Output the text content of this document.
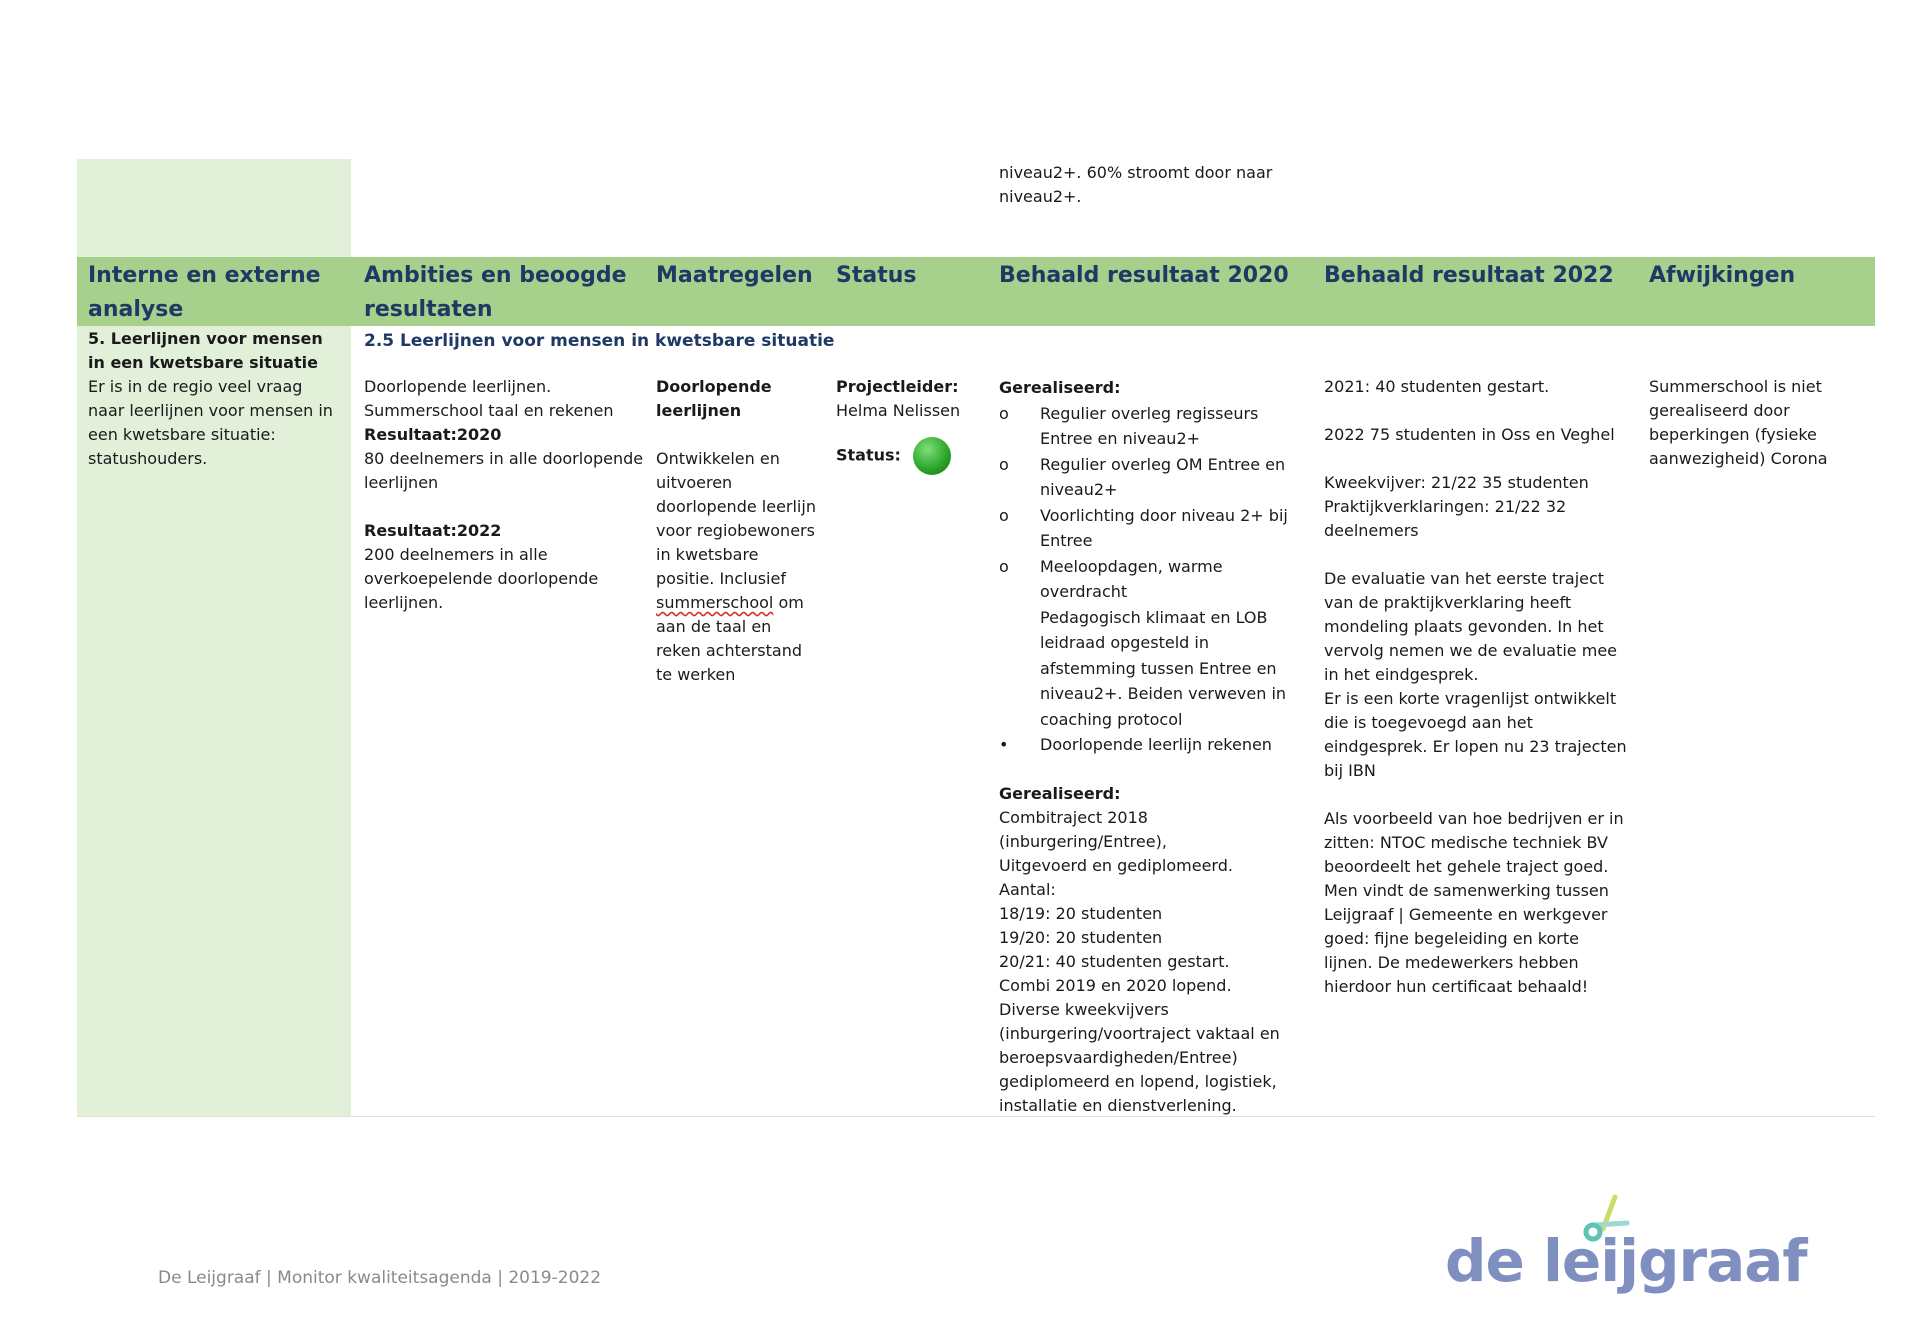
niveau2+. 60% stroomt door naar niveau2+.
Interne en externe analyse
Ambities en beoogde resultaten
Maatregelen Status	Behaald resultaat 2020 Behaald resultaat 2022 Afwijkingen
5. Leerlijnen voor mensen in een kwetsbare situatie
Er is in de regio veel vraag naar leerlijnen voor mensen in een kwetsbare situatie: statushouders.
2.5 Leerlijnen voor mensen in kwetsbare situatie
Doorlopende leerlijnen. Summerschool taal en rekenen
Resultaat:2020
80 deelnemers in alle doorlopende leerlijnen
Resultaat:2022
200 deelnemers in alle overkoepelende doorlopende leerlijnen.
Doorlopende leerlijnen
Ontwikkelen en uitvoeren doorlopende leerlijn voor regiobewoners in kwetsbare positie. Inclusief summerschool om aan de taal en reken achterstand te werken
Projectleider:
Helma Nelissen
Status:
Gerealiseerd:
o Regulier overleg regisseurs Entree en niveau2+
o Regulier overleg OM Entree en niveau2+
o Voorlichting door niveau 2+ bij Entree
o Meeloopdagen, warme overdracht
Pedagogisch klimaat en LOB leidraad opgesteld in afstemming tussen Entree en niveau2+. Beiden verweven in coaching protocol
• Doorlopende leerlijn rekenen
Gerealiseerd:
Combitraject 2018
(inburgering/Entree),
Uitgevoerd en gediplomeerd.
Aantal:
18/19: 20 studenten
19/20: 20 studenten
20/21: 40 studenten gestart.
Combi 2019 en 2020 lopend.
Diverse kweekvijvers (inburgering/voortraject vaktaal en beroepsvaardigheden/Entree) gediplomeerd en lopend, logistiek, installatie en dienstverlening.
2021: 40 studenten gestart.
2022 75 studenten in Oss en Veghel
Kweekvijver: 21/22 35 studenten
Praktijkverklaringen: 21/22 32 deelnemers
De evaluatie van het eerste traject van de praktijkverklaring heeft mondeling plaats gevonden. In het vervolg nemen we de evaluatie mee in het eindgesprek.
Er is een korte vragenlijst ontwikkelt die is toegevoegd aan het eindgesprek. Er lopen nu 23 trajecten bij IBN
Als voorbeeld van hoe bedrijven er in zitten: NTOC medische techniek BV beoordeelt het gehele traject goed. Men vindt de samenwerking tussen Leijgraaf | Gemeente en werkgever goed: fijne begeleiding en korte lijnen. De medewerkers hebben hierdoor hun certificaat behaald!
Summerschool is niet gerealiseerd door beperkingen (fysieke aanwezigheid) Corona
De Leijgraaf | Monitor kwaliteitsagenda | 2019-2022	de leijgraaf
